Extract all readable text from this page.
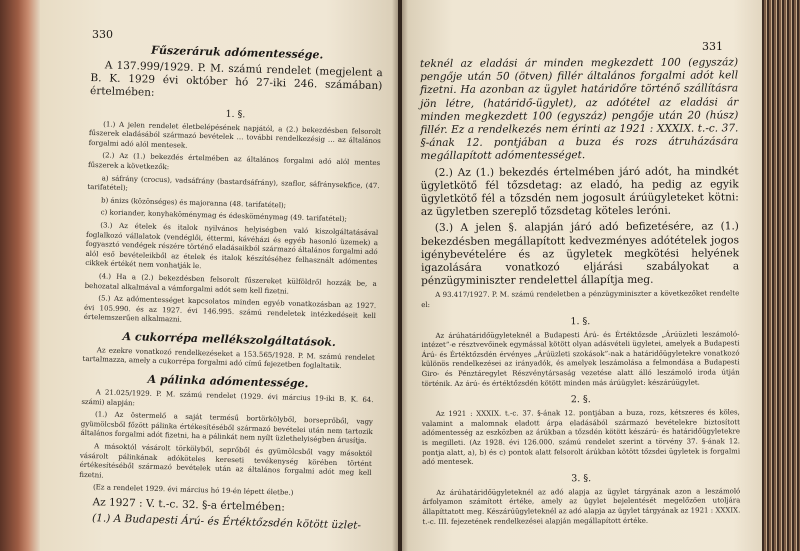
330
Fűszeráruk adómentessége.

A 137.999/1929. P. M. számú rendelet (megjelent a B. K. 1929 évi október hó 27-iki 246. számában) értelmében:

1. §.

(1.) A jelen rendelet életbelépésének napjától, a (2.) bekezdésben felsorolt fűszerek eladásából származó bevételek … további rendelkezésig … az általános forgalmi adó alól mentesek.

(2.) Az (1.) bekezdés értelmében az általános forgalmi adó alól mentes fűszerek a következők:

a) sáfrány (crocus), vadsáfrány (bastardsáfrány), szaflor, sáfránysekfice, (47. tarifatétel);

b) ánizs (közönséges) és majoranna (48. tarifatétel);

c) koriander, konyhaköménymag és édesköménymag (49. tarifatétel);

(3.) Az ételek és italok nyilvános helyiségben való kiszolgáltatásával foglalkozó vállalatok (vendéglői, éttermi, kávéházi és egyéb hasonló üzemek) a fogyasztó vendégek részére történő eladásaikból származó általános forgalmi adó alól eső bevételeikből az ételek és italok készítéséhez felhasznált adómentes cikkek értékét nem vonhatják le.

(4.) Ha a (2.) bekezdésben felsorolt fűszereket külföldről hozzák be, a behozatal alkalmával a vámforgalmi adót sem kell fizetni.

(5.) Az adómentességet kapcsolatos minden egyéb vonatkozásban az 1927. évi 105.990. és az 1927. évi 146.995. számú rendeletek intézkedéseit kell értelemszerűen alkalmazni.

A cukorrépa mellékszolgáltatások.

Az ezekre vonatkozó rendelkezéseket a 153.565/1928. P. M. számú rendelet tartalmazza, amely a cukorrépa forgalmi adó című fejezetben foglaltatik.

A pálinka adómentessége.

A 21.025/1929. P. M. számú rendelet (1929. évi március 19-iki B. K. 64. számi) alapján:

(1.) Az östermelő a saját termésű bortörkölyből, borseprőből, vagy gyümölcsből főzött pálinka értékesítéséből származó bevételei után nem tartozik általános forgalmi adót fizetni, ha a pálinkát nem nyílt üzlethelyiségben árusítja.

A másoktól vásárolt törkölyből, seprőből és gyümölcsből vagy másoktól vásárolt pálinkának adóköteles kereseti tevékenység körében történt értékesítéséből származó bevételek után az általános forgalmi adót meg kell fizetni.

(Ez a rendelet 1929. évi március hó 19-én lépett életbe.)

Az 1927 : V. t.-c. 32. §-a értelmében:

(1.) A Budapesti Árú- és Értéktőzsdén kötött üzlet-

331

teknél az eladási ár minden megkezdett 100 (egyszáz) pengője után 50 (ötven) fillér általános forgalmi adót kell fizetni. Ha azonban az ügylet határidőre történő szállításra jön létre, (határidő-ügylet), az adótétel az eladási ár minden megkezdett 100 (egyszáz) pengője után 20 (húsz) fillér. Ez a rendelkezés nem érinti az 1921 : XXXIX. t.-c. 37. §-ának 12. pontjában a buza és rozs átruházására megállapított adómentességet.

(2.) Az (1.) bekezdés értelmében járó adót, ha mindkét ügyletkötő fél tőzsdetag: az eladó, ha pedig az egyik ügyletkötő fél a tőzsdén nem jogosult árúügyleteket kötni: az ügyletben szereplő tőzsdetag köteles leróni.

(3.) A jelen §. alapján járó adó befizetésére, az (1.) bekezdésben megállapított kedvezményes adótételek jogos igénybevételére és az ügyletek megkötési helyének igazolására vonatkozó eljárási szabályokat a pénzügyminiszter rendelettel állapítja meg.

A 93.417/1927. P. M. számú rendeletben a pénzügyminiszter a következőket rendelte el:

1. §.

Az árúhatáridőügyleteknél a Budapesti Árú- és Értéktőzsde „Árúüzleti leszámoló-intézet”-e résztvevőinek egymással kötött olyan adásvételi ügyletei, amelyek a Budapesti Árú- és Értéktőzsdén érvényes „Árúüzleti szokások”-nak a határidőügyletekre vonatkozó különös rendelkezései az irányadók, és amelyek leszámolása a felmondása a Budapesti Giro- és Pénztáregylet Részvénytársaság vezetése alatt álló leszámoló iroda útján történik. Az árú- és értéktőzsdén kötött minden más árúügylet: készárúügylet.

2. §.

Az 1921 : XXXIX. t.-c. 37. §-ának 12. pontjában a buza, rozs, kétszeres és köles, valamint a malomnak eladott árpa eladásából származó bevételekre biztosított adómentesség az eszközben az árúkban a tőzsdén kötött készárú- és határidőügyletekre is megilleti. (Az 1928. évi 126.000. számú rendelet szerint a törvény 37. §-ának 12. pontja alatt, a), b) és c) pontok alatt felsorolt árúkban kötött tőzsdei ügyletek is forgalmi adó mentesek.

3. §.

Az árúhatáridőügyleteknél az adó alapja az ügylet tárgyának azon a leszámoló árfolyamon számított értéke, amely az ügylet bejelentését megelőzően utoljára állapíttatott meg. Készárúügyleteknél az adó alapja az ügylet tárgyának az 1921 : XXXIX. t.-c. III. fejezetének rendelkezései alapján megállapított értéke.
